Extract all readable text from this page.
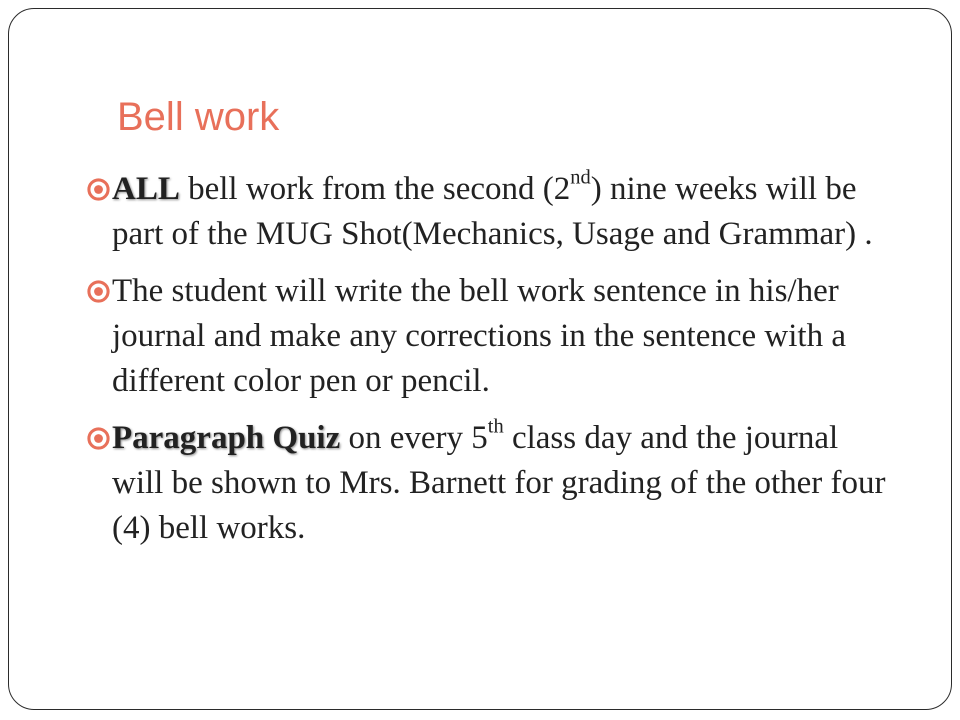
Bell work
ALL bell work from the second (2nd) nine weeks will be part of the MUG Shot(Mechanics, Usage and Grammar) .
The student will write the bell work sentence in his/her journal and make any corrections in the sentence with a different color pen or pencil.
Paragraph Quiz on every 5th class day and the journal will be shown to Mrs. Barnett for grading of the other four (4) bell works.
